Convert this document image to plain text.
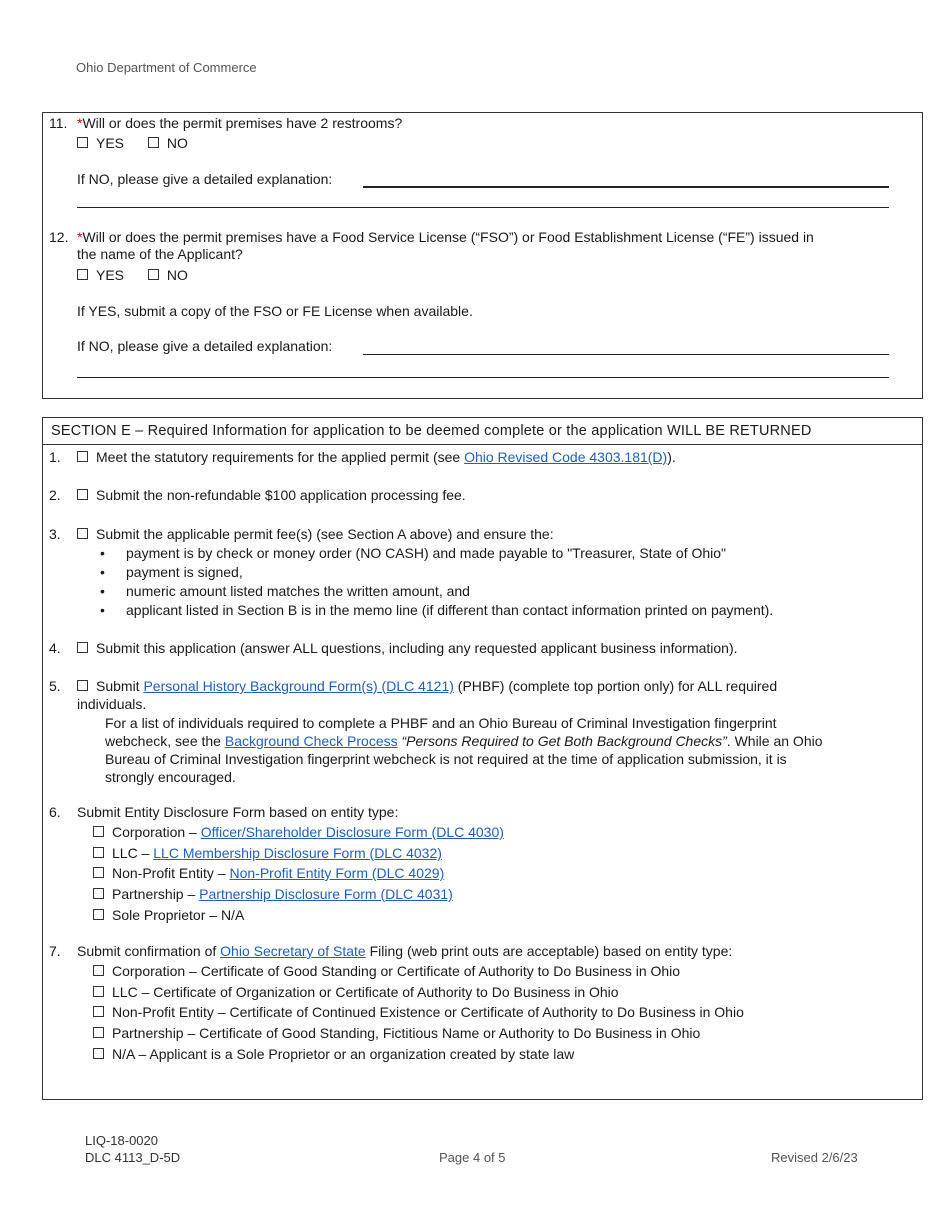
Ohio Department of Commerce
11. *Will or does the permit premises have 2 restrooms?
YES	NO
If NO, please give a detailed explanation:
12. *Will or does the permit premises have a Food Service License (“FSO”) or Food Establishment License (“FE”) issued in
the name of the Applicant?
YES	NO
If YES, submit a copy of the FSO or FE License when available.
If NO, please give a detailed explanation:
SECTION E – Required Information for application to be deemed complete or the application WILL BE RETURNED
1.	Meet the statutory requirements for the applied permit (see Ohio Revised Code 4303.181(D)).
2.	Submit the non-refundable $100 application processing fee.
3.	Submit the applicable permit fee(s) (see Section A above) and ensure the:
• payment is by check or money order (NO CASH) and made payable to "Treasurer, State of Ohio"
• payment is signed,
• numeric amount listed matches the written amount, and
• applicant listed in Section B is in the memo line (if different than contact information printed on payment).
4.	Submit this application (answer ALL questions, including any requested applicant business information).
5.	Submit Personal History Background Form(s) (DLC 4121) (PHBF) (complete top portion only) for ALL required
individuals.
For a list of individuals required to complete a PHBF and an Ohio Bureau of Criminal Investigation fingerprint
webcheck, see the Background Check Process “Persons Required to Get Both Background Checks”. While an Ohio
Bureau of Criminal Investigation fingerprint webcheck is not required at the time of application submission, it is
strongly encouraged.
6. Submit Entity Disclosure Form based on entity type:
Corporation – Officer/Shareholder Disclosure Form (DLC 4030)
LLC – LLC Membership Disclosure Form (DLC 4032)
Non-Profit Entity – Non-Profit Entity Form (DLC 4029)
Partnership – Partnership Disclosure Form (DLC 4031)
Sole Proprietor – N/A
7. Submit confirmation of Ohio Secretary of State Filing (web print outs are acceptable) based on entity type:
Corporation – Certificate of Good Standing or Certificate of Authority to Do Business in Ohio
LLC – Certificate of Organization or Certificate of Authority to Do Business in Ohio
Non-Profit Entity – Certificate of Continued Existence or Certificate of Authority to Do Business in Ohio
Partnership – Certificate of Good Standing, Fictitious Name or Authority to Do Business in Ohio
N/A – Applicant is a Sole Proprietor or an organization created by state law
LIQ-18-0020
DLC 4113_D-5D	Page 4 of 5	Revised 2/6/23
